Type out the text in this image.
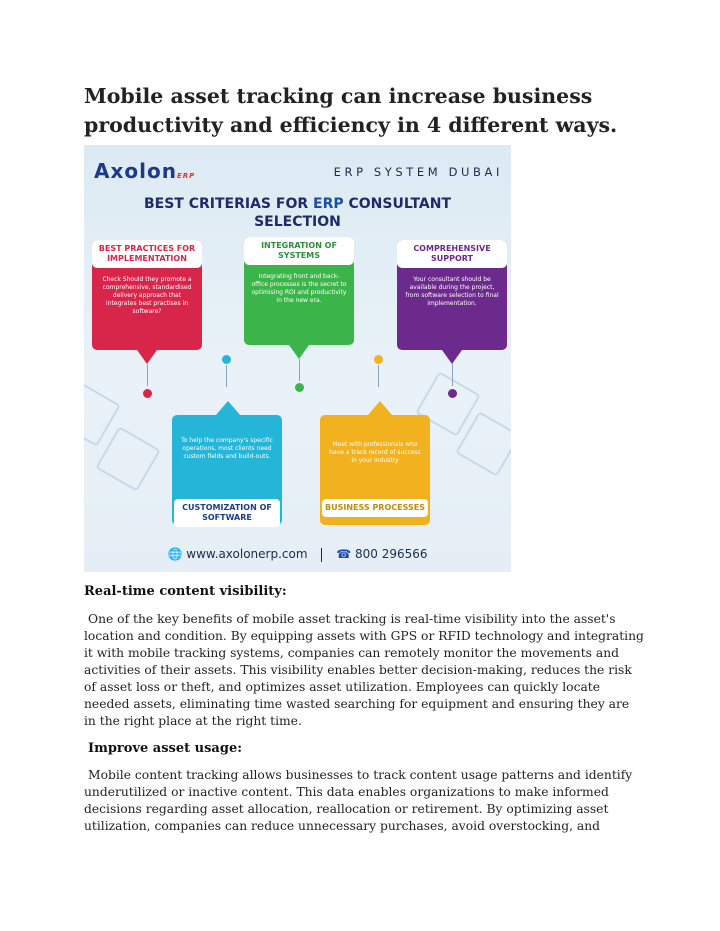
Mobile asset tracking can increase business productivity and efficiency in 4 different ways.
AxolonERP	ERP SYSTEM DUBAI
BEST CRITERIAS FOR ERP CONSULTANT
SELECTION
BEST PRACTICES FOR IMPLEMENTATION
Check Should they promote a comprehensive, standardised delivery approach that integrates best practises in software?
INTEGRATION OF SYSTEMS
Integrating front and back-office processes is the secret to optimising ROI and productivity in the new era.
COMPREHENSIVE SUPPORT
Your consultant should be available during the project, from software selection to final implementation.
To help the company's specific operations, most clients need custom fields and build-outs.
CUSTOMIZATION OF SOFTWARE
Meet with professionals who have a track record of success in your industry
BUSINESS PROCESSES
🌐 www.axolonerp.com ☎ 800 296566
Real-time content visibility:

One of the key benefits of mobile asset tracking is real-time visibility into the asset's location and condition. By equipping assets with GPS or RFID technology and integrating it with mobile tracking systems, companies can remotely monitor the movements and activities of their assets. This visibility enables better decision-making, reduces the risk of asset loss or theft, and optimizes asset utilization. Employees can quickly locate needed assets, eliminating time wasted searching for equipment and ensuring they are in the right place at the right time.

Improve asset usage:

Mobile content tracking allows businesses to track content usage patterns and identify underutilized or inactive content. This data enables organizations to make informed decisions regarding asset allocation, reallocation or retirement. By optimizing asset utilization, companies can reduce unnecessary purchases, avoid overstocking, and
